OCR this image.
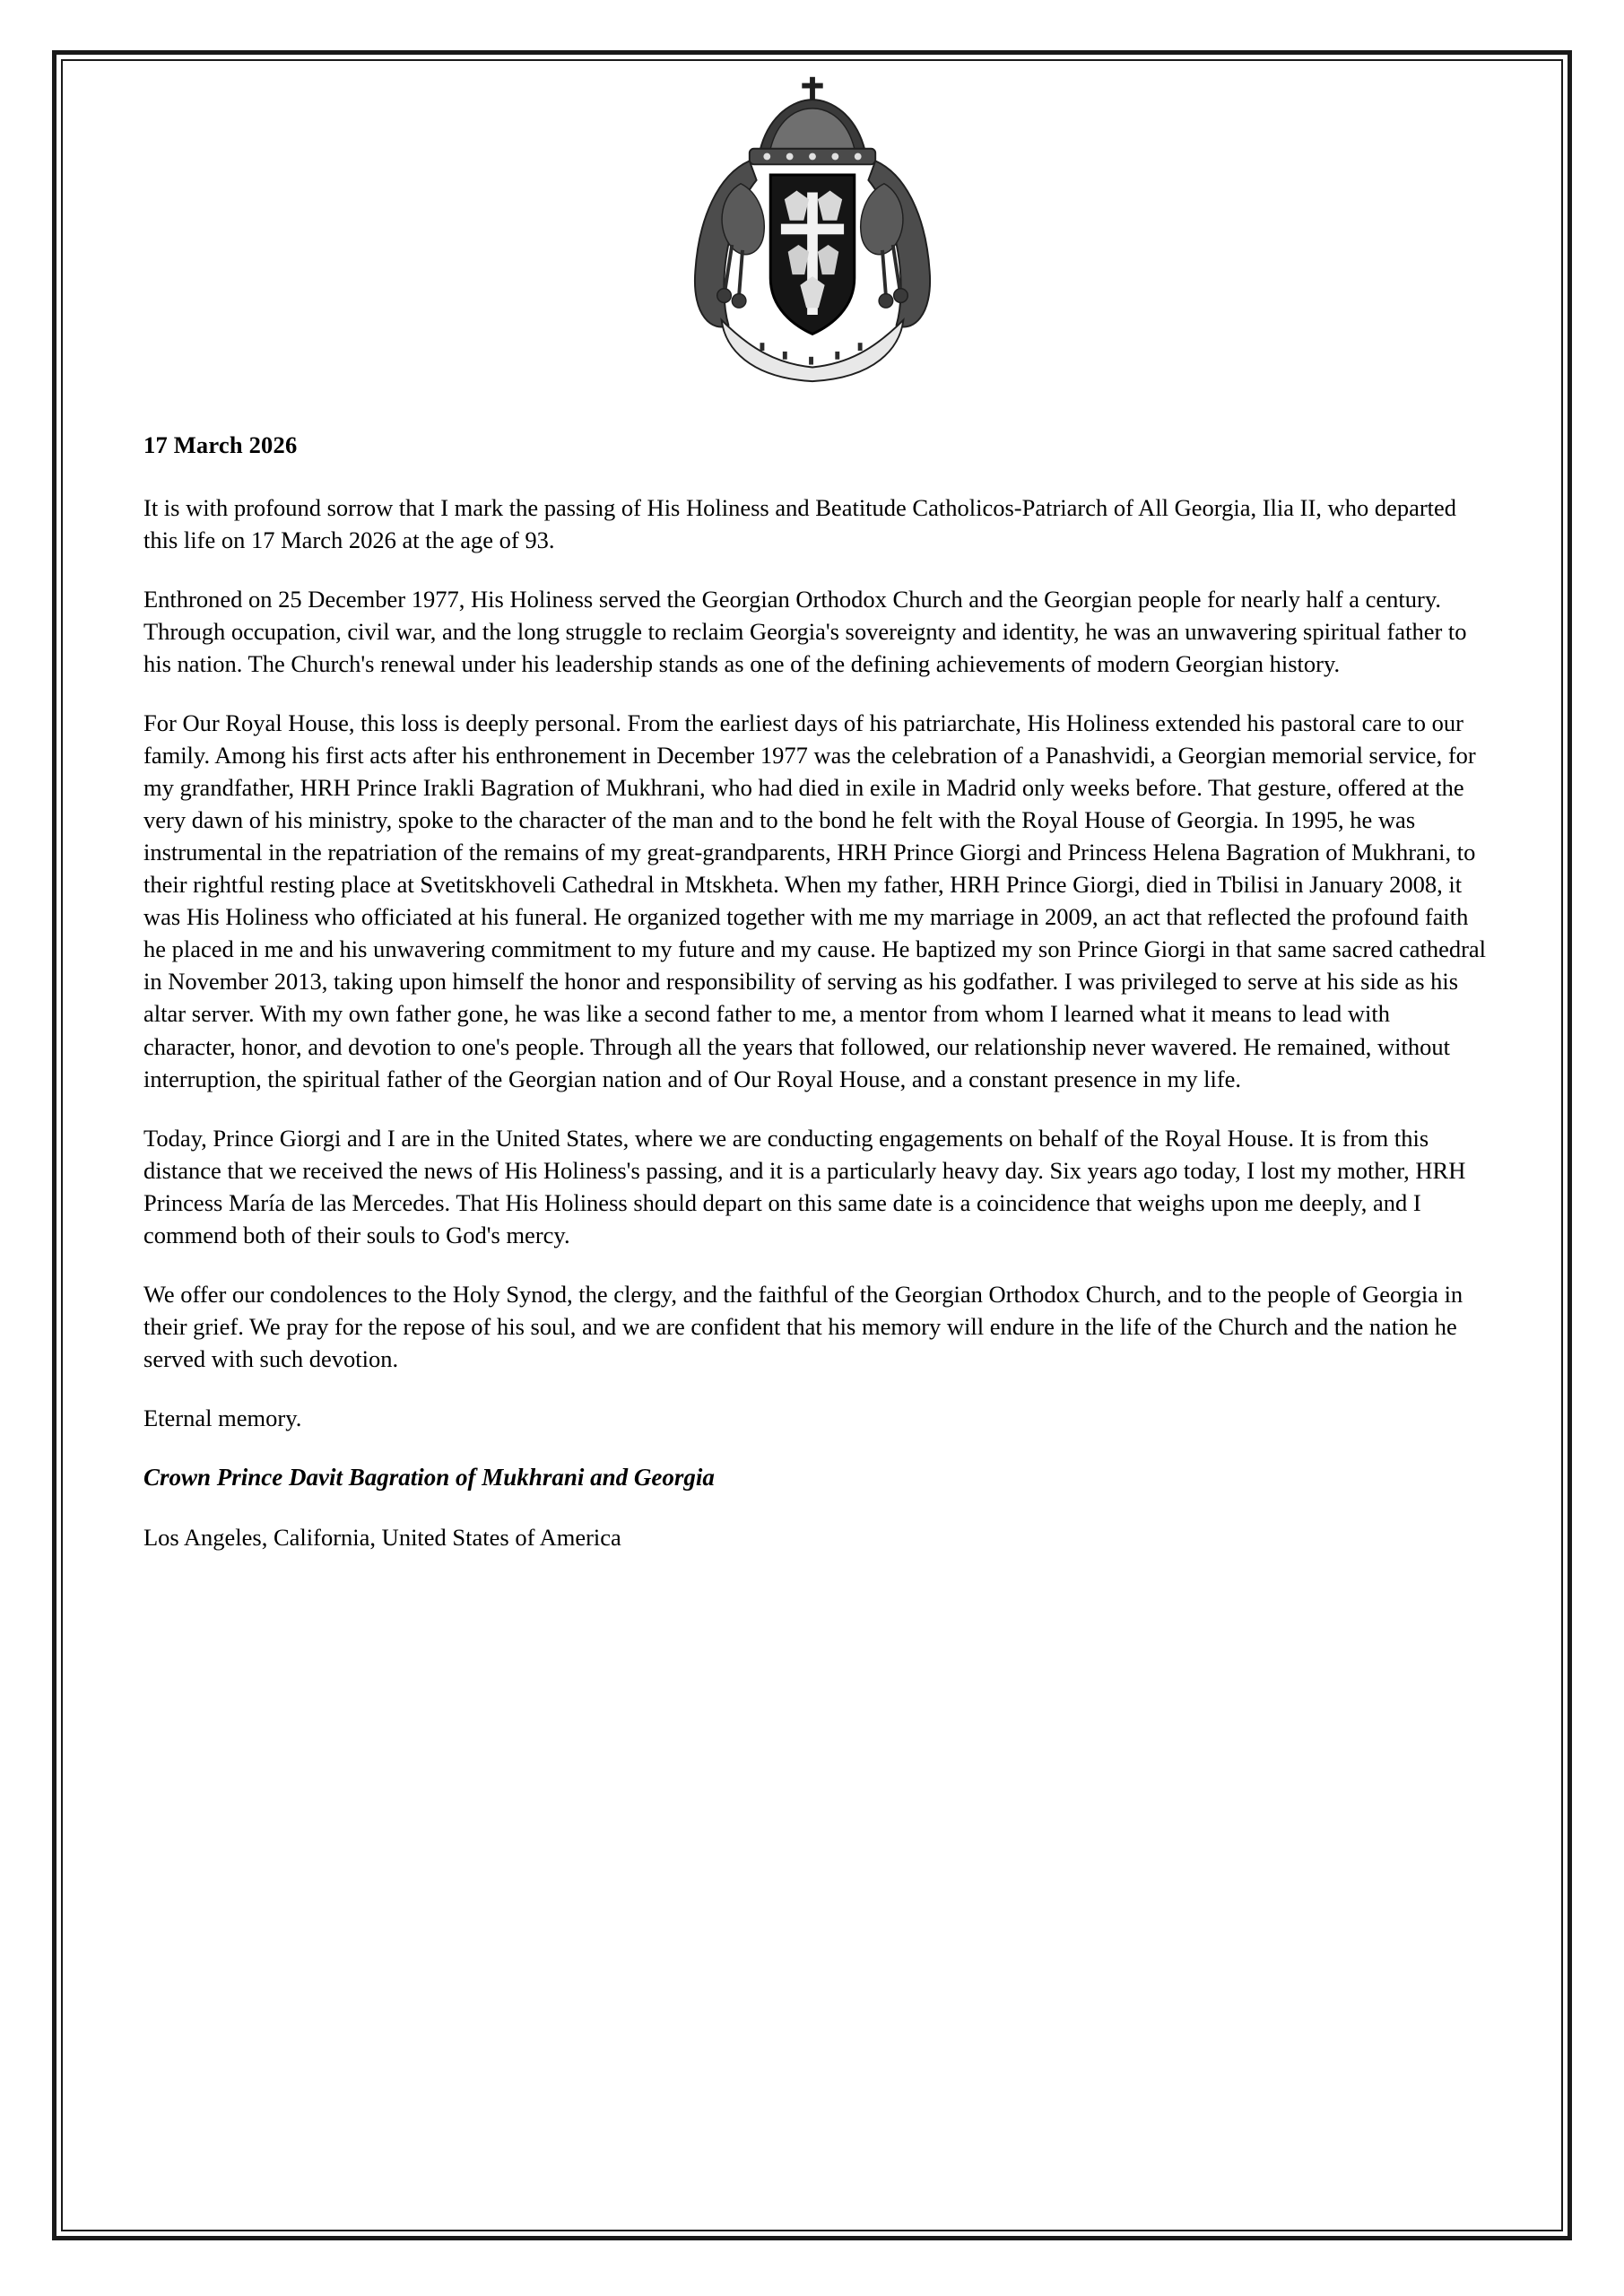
17 March 2026

It is with profound sorrow that I mark the passing of His Holiness and Beatitude Catholicos-Patriarch of All Georgia, Ilia II, who departed this life on 17 March 2026 at the age of 93.

Enthroned on 25 December 1977, His Holiness served the Georgian Orthodox Church and the Georgian people for nearly half a century. Through occupation, civil war, and the long struggle to reclaim Georgia's sovereignty and identity, he was an unwavering spiritual father to his nation. The Church's renewal under his leadership stands as one of the defining achievements of modern Georgian history.

For Our Royal House, this loss is deeply personal. From the earliest days of his patriarchate, His Holiness extended his pastoral care to our family. Among his first acts after his enthronement in December 1977 was the celebration of a Panashvidi, a Georgian memorial service, for my grandfather, HRH Prince Irakli Bagration of Mukhrani, who had died in exile in Madrid only weeks before. That gesture, offered at the very dawn of his ministry, spoke to the character of the man and to the bond he felt with the Royal House of Georgia. In 1995, he was instrumental in the repatriation of the remains of my great-grandparents, HRH Prince Giorgi and Princess Helena Bagration of Mukhrani, to their rightful resting place at Svetitskhoveli Cathedral in Mtskheta. When my father, HRH Prince Giorgi, died in Tbilisi in January 2008, it was His Holiness who officiated at his funeral. He organized together with me my marriage in 2009, an act that reflected the profound faith he placed in me and his unwavering commitment to my future and my cause. He baptized my son Prince Giorgi in that same sacred cathedral in November 2013, taking upon himself the honor and responsibility of serving as his godfather. I was privileged to serve at his side as his altar server. With my own father gone, he was like a second father to me, a mentor from whom I learned what it means to lead with character, honor, and devotion to one's people. Through all the years that followed, our relationship never wavered. He remained, without interruption, the spiritual father of the Georgian nation and of Our Royal House, and a constant presence in my life.

Today, Prince Giorgi and I are in the United States, where we are conducting engagements on behalf of the Royal House. It is from this distance that we received the news of His Holiness's passing, and it is a particularly heavy day. Six years ago today, I lost my mother, HRH Princess María de las Mercedes. That His Holiness should depart on this same date is a coincidence that weighs upon me deeply, and I commend both of their souls to God's mercy.

We offer our condolences to the Holy Synod, the clergy, and the faithful of the Georgian Orthodox Church, and to the people of Georgia in their grief. We pray for the repose of his soul, and we are confident that his memory will endure in the life of the Church and the nation he served with such devotion.

Eternal memory.

Crown Prince Davit Bagration of Mukhrani and Georgia

Los Angeles, California, United States of America
